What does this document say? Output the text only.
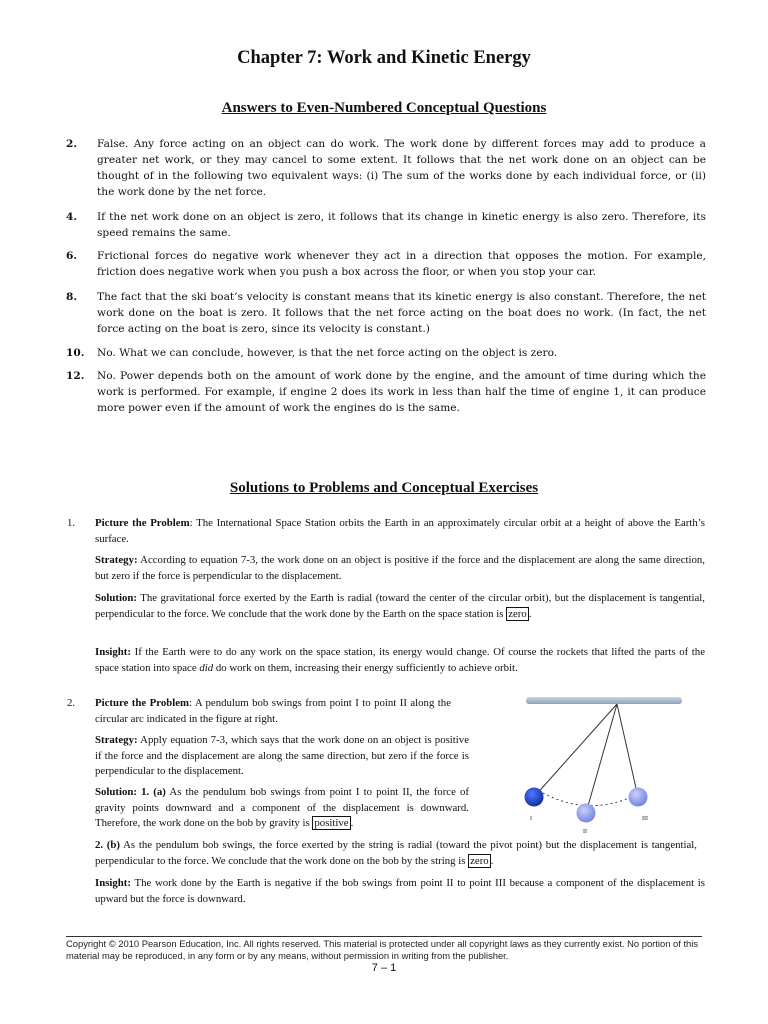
Chapter 7: Work and Kinetic Energy
Answers to Even-Numbered Conceptual Questions
2.	False. Any force acting on an object can do work. The work done by different forces may add to produce a greater net work, or they may cancel to some extent. It follows that the net work done on an object can be thought of in the following two equivalent ways: (i) The sum of the works done by each individual force, or (ii) the work done by the net force.
4.	If the net work done on an object is zero, it follows that its change in kinetic energy is also zero. Therefore, its speed remains the same.
6.	Frictional forces do negative work whenever they act in a direction that opposes the motion. For example, friction does negative work when you push a box across the floor, or when you stop your car.
8.	The fact that the ski boat’s velocity is constant means that its kinetic energy is also constant. Therefore, the net work done on the boat is zero. It follows that the net force acting on the boat does no work. (In fact, the net force acting on the boat is zero, since its velocity is constant.)
10.	No. What we can conclude, however, is that the net force acting on the object is zero.
12.	No. Power depends both on the amount of work done by the engine, and the amount of time during which the work is performed. For example, if engine 2 does its work in less than half the time of engine 1, it can produce more power even if the amount of work the engines do is the same.
Solutions to Problems and Conceptual Exercises
1. Picture the Problem: The International Space Station orbits the Earth in an approximately circular orbit at a height of above the Earth’s surface.
Strategy: According to equation 7-3, the work done on an object is positive if the force and the displacement are along the same direction, but zero if the force is perpendicular to the displacement.
Solution: The gravitational force exerted by the Earth is radial (toward the center of the circular orbit), but the displacement is tangential, perpendicular to the force. We conclude that the work done by the Earth on the space station is zero .
Insight: If the Earth were to do any work on the space station, its energy would change. Of course the rockets that lifted the parts of the space station into space did do work on them, increasing their energy sufficiently to achieve orbit.
2. Picture the Problem: A pendulum bob swings from point I to point II along the circular arc indicated in the figure at right.
Strategy: Apply equation 7-3, which says that the work done on an object is positive if the force and the displacement are along the same direction, but zero if the force is perpendicular to the displacement.
Solution: 1. (a) As the pendulum bob swings from point I to point II, the force of gravity points downward and a component of the displacement is downward. Therefore, the work done on the bob by gravity is positive .
2. (b) As the pendulum bob swings, the force exerted by the string is radial (toward the pivot point) but the displacement is tangential, perpendicular to the force. We conclude that the work done on the bob by the string is zero .
Insight: The work done by the Earth is negative if the bob swings from point II to point III because a component of the displacement is upward but the force is downward.
I
II
III
Copyright © 2010 Pearson Education, Inc. All rights reserved. This material is protected under all copyright laws as they currently exist. No portion of this material may be reproduced, in any form or by any means, without permission in writing from the publisher.
7 – 1
